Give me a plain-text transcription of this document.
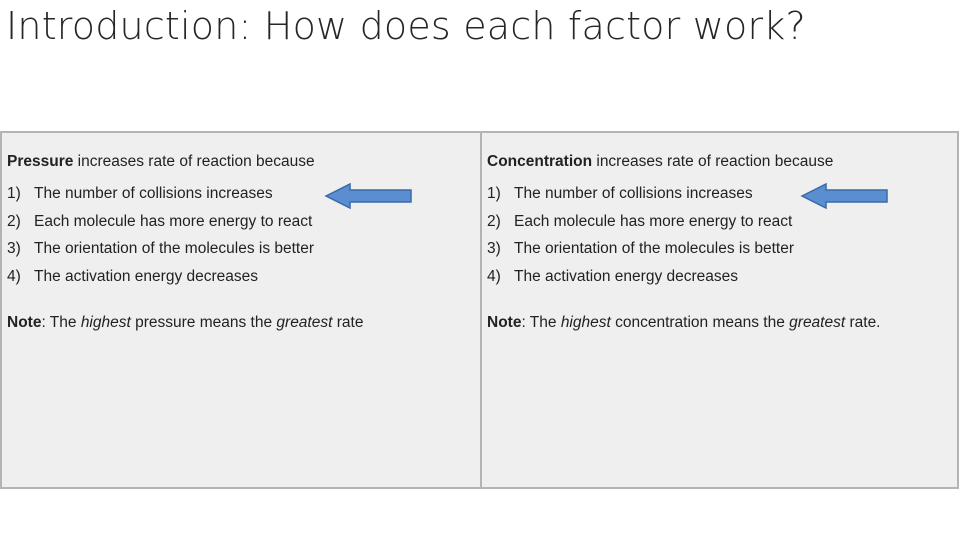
Introduction: How does each factor work?
Pressure increases rate of reaction because
1) The number of collisions increases
2) Each molecule has more energy to react
3) The orientation of the molecules is better
4) The activation energy decreases
Note: The highest pressure means the greatest rate
Concentration increases rate of reaction because
1) The number of collisions increases
2) Each molecule has more energy to react
3) The orientation of the molecules is better
4) The activation energy decreases
Note: The highest concentration means the greatest rate.
